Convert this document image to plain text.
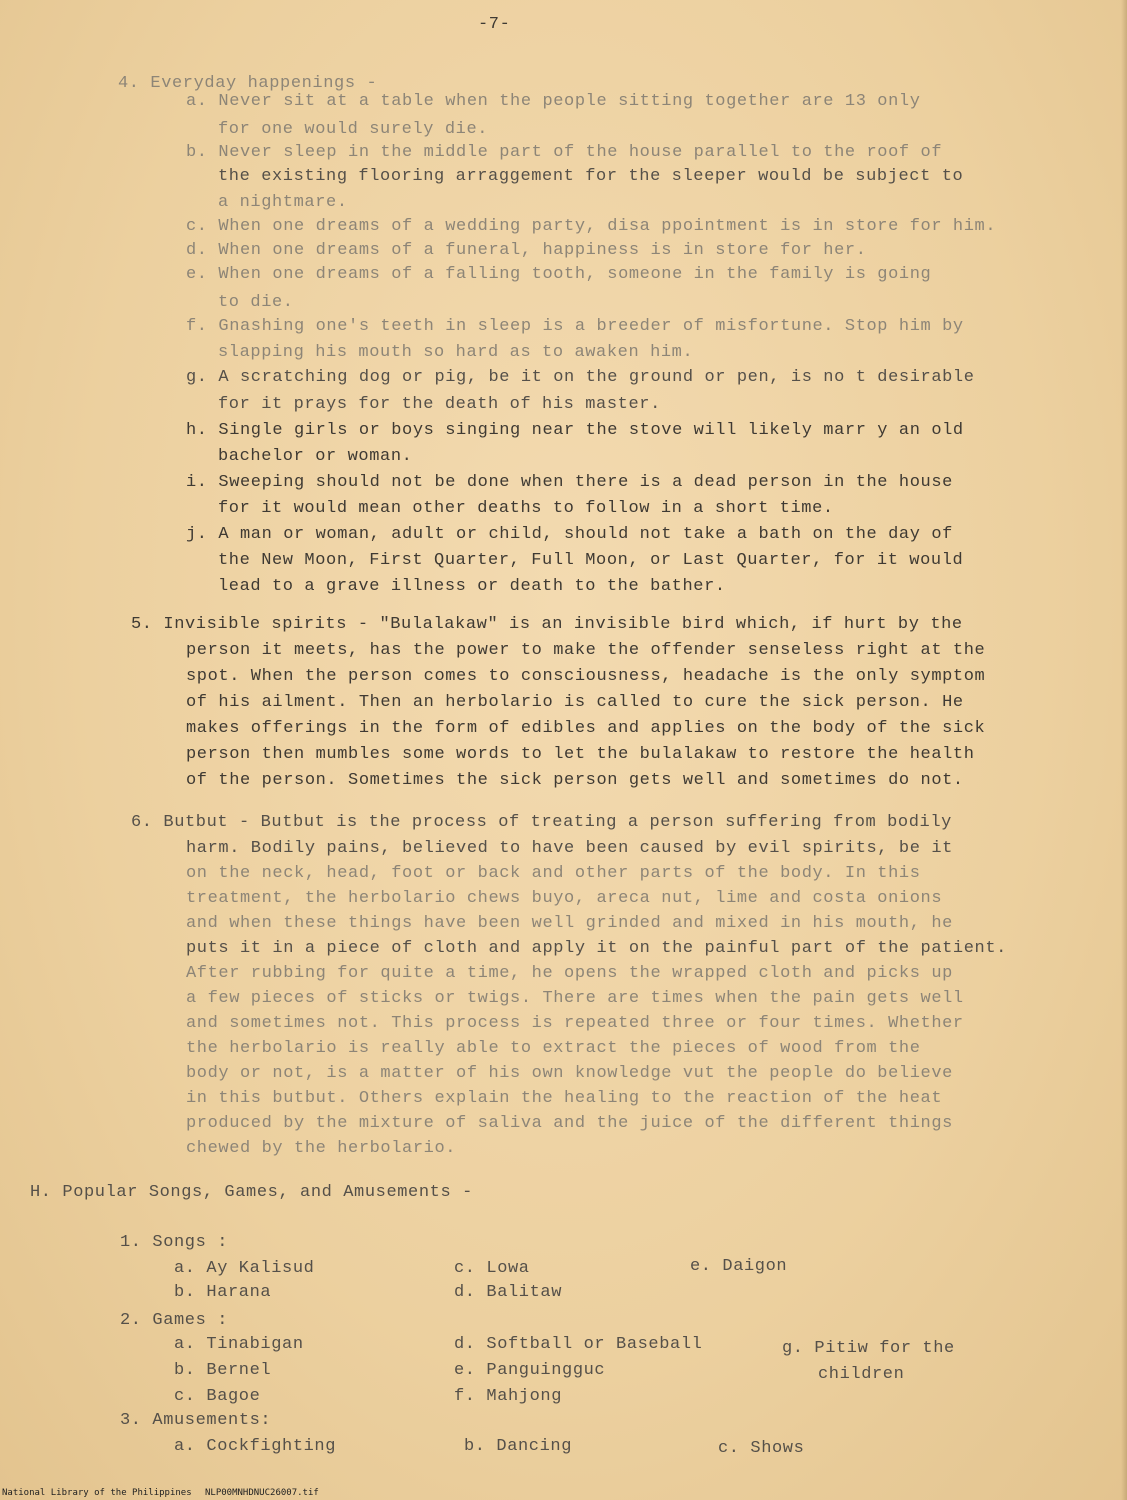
-7-
4. Everyday happenings -
a. Never sit at a table when the people sitting together are 13 only
for one would surely die.
b. Never sleep in the middle part of the house parallel to the roof of
the existing flooring arraggement for the sleeper would be subject to
a nightmare.
c. When one dreams of a wedding party, disa ppointment is in store for him.
d. When one dreams of a funeral, happiness is in store for her.
e. When one dreams of a falling tooth, someone in the family is going
to die.
f. Gnashing one's teeth in sleep is a breeder of misfortune. Stop him by
slapping his mouth so hard as to awaken him.
g. A scratching dog or pig, be it on the ground or pen, is no t desirable
for it prays for the death of his master.
h. Single girls or boys singing near the stove will likely marr y an old
bachelor or woman.
i. Sweeping should not be done when there is a dead person in the house
for it would mean other deaths to follow in a short time.
j. A man or woman, adult or child, should not take a bath on the day of
the New Moon, First Quarter, Full Moon, or Last Quarter, for it would
lead to a grave illness or death to the bather.
5. Invisible spirits - "Bulalakaw" is an invisible bird which, if hurt by the
person it meets, has the power to make the offender senseless right at the
spot. When the person comes to consciousness, headache is the only symptom
of his ailment. Then an herbolario is called to cure the sick person. He
makes offerings in the form of edibles and applies on the body of the sick
person then mumbles some words to let the bulalakaw to restore the health
of the person. Sometimes the sick person gets well and sometimes do not.
6. Butbut - Butbut is the process of treating a person suffering from bodily
harm. Bodily pains, believed to have been caused by evil spirits, be it
on the neck, head, foot or back and other parts of the body. In this
treatment, the herbolario chews buyo, areca nut, lime and costa onions
and when these things have been well grinded and mixed in his mouth, he
puts it in a piece of cloth and apply it on the painful part of the patient.
After rubbing for quite a time, he opens the wrapped cloth and picks up
a few pieces of sticks or twigs. There are times when the pain gets well
and sometimes not. This process is repeated three or four times. Whether
the herbolario is really able to extract the pieces of wood from the
body or not, is a matter of his own knowledge vut the people do believe
in this butbut. Others explain the healing to the reaction of the heat
produced by the mixture of saliva and the juice of the different things
chewed by the herbolario.
H. Popular Songs, Games, and Amusements -
1. Songs :
a. Ay Kalisud
b. Harana
c. Lowa
d. Balitaw
e. Daigon
2. Games :
a. Tinabigan
b. Bernel
c. Bagoe
d. Softball or Baseball
e. Panguingguc
f. Mahjong
g. Pitiw for the
children
3. Amusements:
a. Cockfighting	b. Dancing	c. Shows
National Library of the Philippines NLP00MNHDNUC26007.tif
